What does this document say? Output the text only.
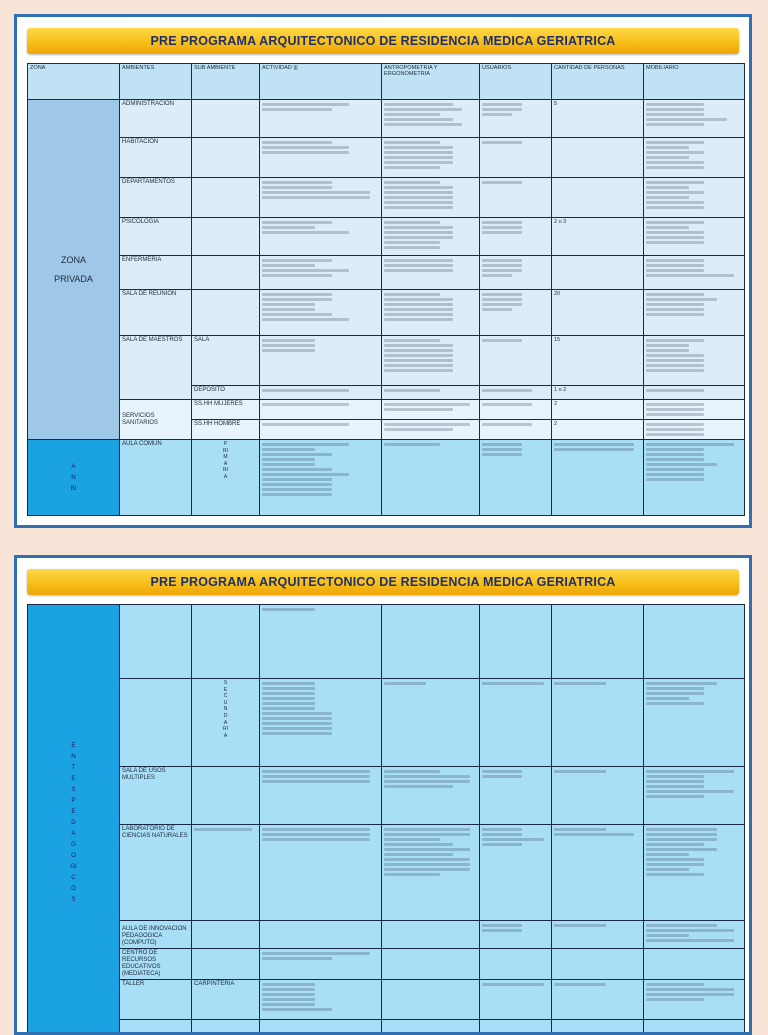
PRE PROGRAMA ARQUITECTONICO DE RESIDENCIA MEDICA GERIATRICA
ZONA	AMBIENTES	SUB AMBIENTE	ACTIVIDAD |||	ANTROPOMETRIA Y ERGONOMETRIA	USUARIOS	CANTIDAD DE PERSONAS	MOBILIARIO

ZONA PRIVADA	ADMINISTRACION					5	

	HABITACION		

	DEPARTAMENTOS		

	PSICOLOGIA					2 o 3	

	ENFERMERIA		

	SALA DE REUNION					20	

	SALA DE MAESTROS	SALA				15	

		DEPOSITO				1 o 2	

	SERVICIOS SANITARIOS	SS.HH MUJERES				2	

		SS.HH HOMBRE				2	

ANBI	AULA COMUN	PRIMARIA					

PRE PROGRAMA ARQUITECTONICO DE RESIDENCIA MEDICA GERIATRICA
ENTES PEDAGOGICOS							

		SECUNDARIA					

	SALA DE USOS MULTIPLES		

	LABORATORIO DE CIENCIAS NATURALES	

	AULA DE INNOVACION PEDAGOGICA (COMPUTO)				

	CENTRO DE RECURSOS EDUCATIVOS (MEDIATECA)		

	TALLER	CARPINTERIA	
